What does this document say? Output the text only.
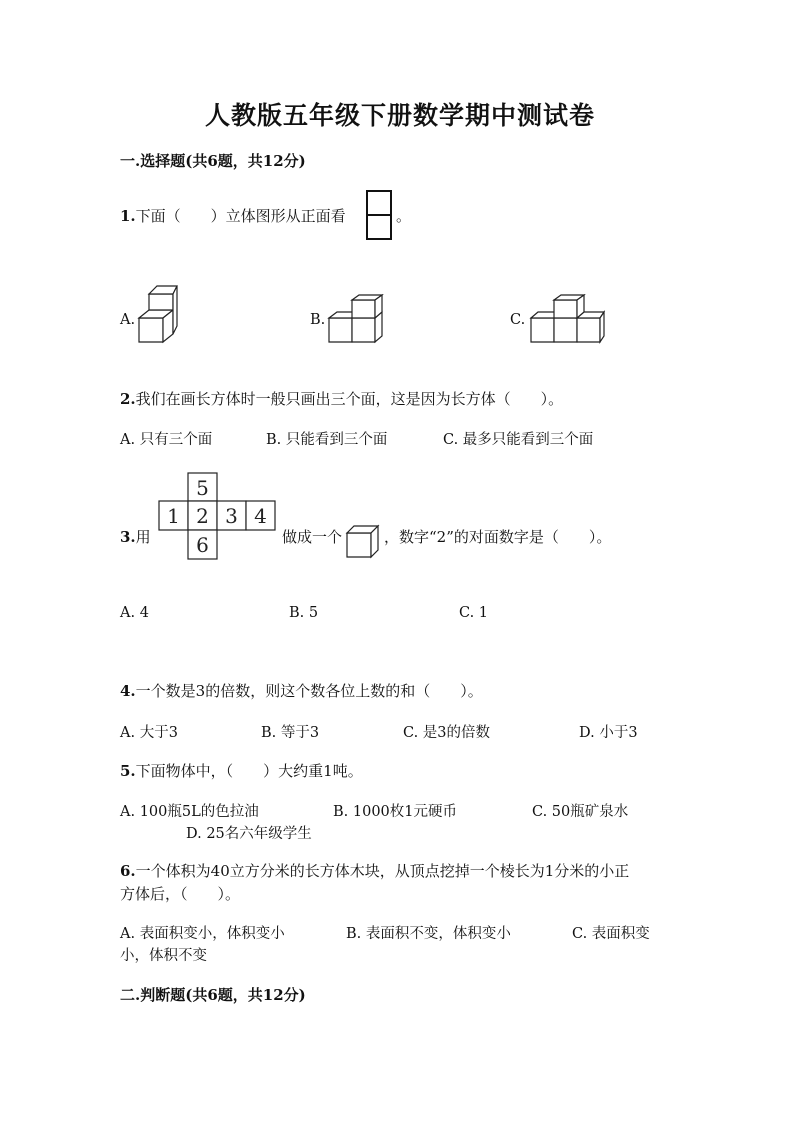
人教版五年级下册数学期中测试卷
一.选择题(共6题，共12分)
1.下面（　　）立体图形从正面看	。
A.	B.	C.
2.我们在画长方体时一般只画出三个面，这是因为长方体（　　）。
A. 只有三个面	B. 只能看到三个面	C. 最多只能看到三个面
3.用
5
1 2 3 4
6	做成一个	，数字“2”的对面数字是（　　）。
A. 4	B. 5	C. 1
4.一个数是3的倍数，则这个数各位上数的和（　　）。
A. 大于3	B. 等于3	C. 是3的倍数	D. 小于3
5.下面物体中，（　　）大约重1吨。
A. 100瓶5L的色拉油	B. 1000枚1元硬币	C. 50瓶矿泉水
D. 25名六年级学生
6.一个体积为40立方分米的长方体木块，从顶点挖掉一个棱长为1分米的小正
方体后，（　　）。
A. 表面积变小，体积变小	B. 表面积不变，体积变小	C. 表面积变
小，体积不变
二.判断题(共6题，共12分)
